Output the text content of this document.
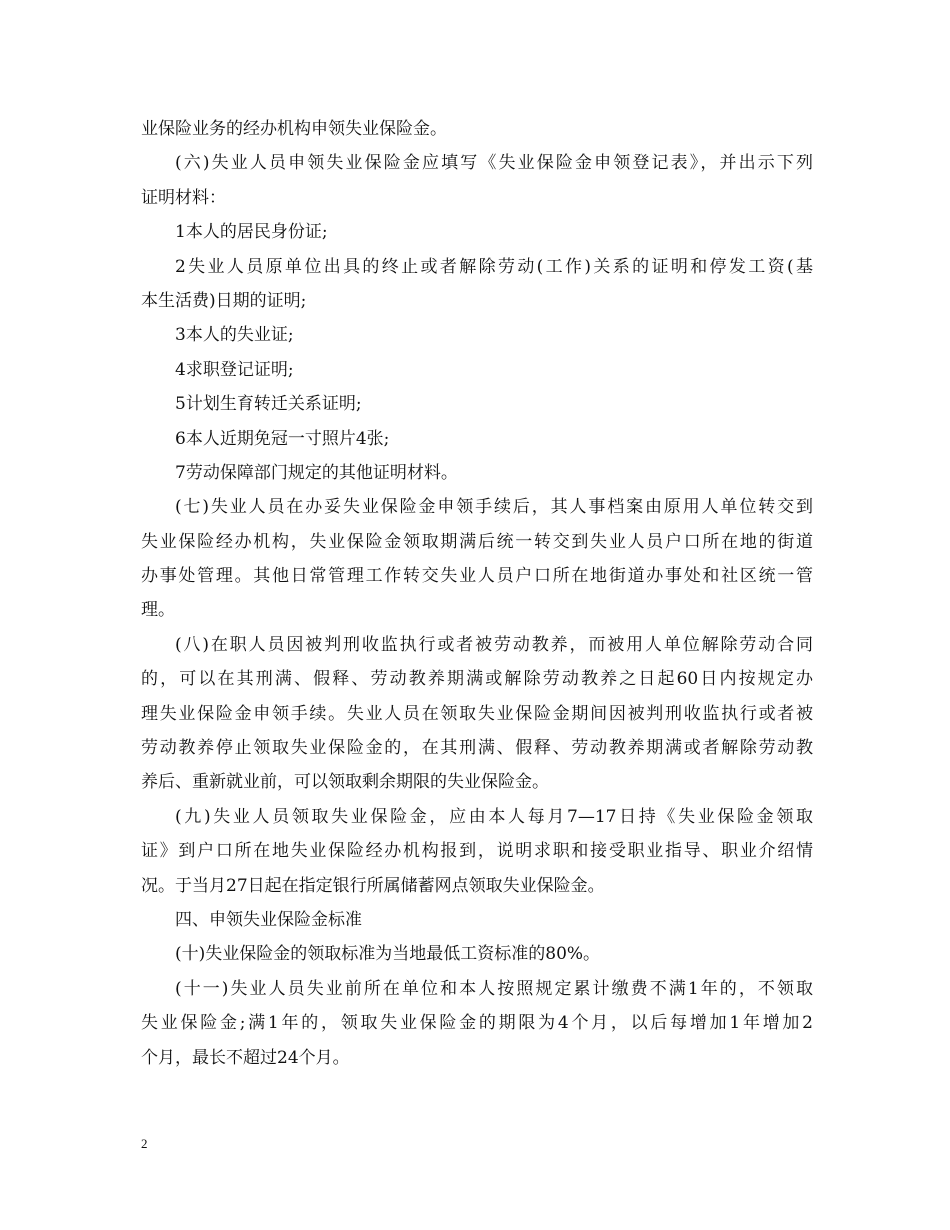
业保险业务的经办机构申领失业保险金。
(六)失业人员申领失业保险金应填写《失业保险金申领登记表》，并出示下列
证明材料：
1本人的居民身份证;
2失业人员原单位出具的终止或者解除劳动(工作)关系的证明和停发工资(基
本生活费)日期的证明;
3本人的失业证;
4求职登记证明;
5计划生育转迁关系证明;
6本人近期免冠一寸照片4张;
7劳动保障部门规定的其他证明材料。
(七)失业人员在办妥失业保险金申领手续后，其人事档案由原用人单位转交到
失业保险经办机构，失业保险金领取期满后统一转交到失业人员户口所在地的街道
办事处管理。其他日常管理工作转交失业人员户口所在地街道办事处和社区统一管
理。
(八)在职人员因被判刑收监执行或者被劳动教养，而被用人单位解除劳动合同
的，可以在其刑满、假释、劳动教养期满或解除劳动教养之日起60日内按规定办
理失业保险金申领手续。失业人员在领取失业保险金期间因被判刑收监执行或者被
劳动教养停止领取失业保险金的，在其刑满、假释、劳动教养期满或者解除劳动教
养后、重新就业前，可以领取剩余期限的失业保险金。
(九)失业人员领取失业保险金，应由本人每月7—17日持《失业保险金领取
证》到户口所在地失业保险经办机构报到，说明求职和接受职业指导、职业介绍情
况。于当月27日起在指定银行所属储蓄网点领取失业保险金。
四、申领失业保险金标准
(十)失业保险金的领取标准为当地最低工资标准的80%。
(十一)失业人员失业前所在单位和本人按照规定累计缴费不满1年的，不领取
失业保险金;满1年的，领取失业保险金的期限为4个月，以后每增加1年增加2
个月，最长不超过24个月。
2
